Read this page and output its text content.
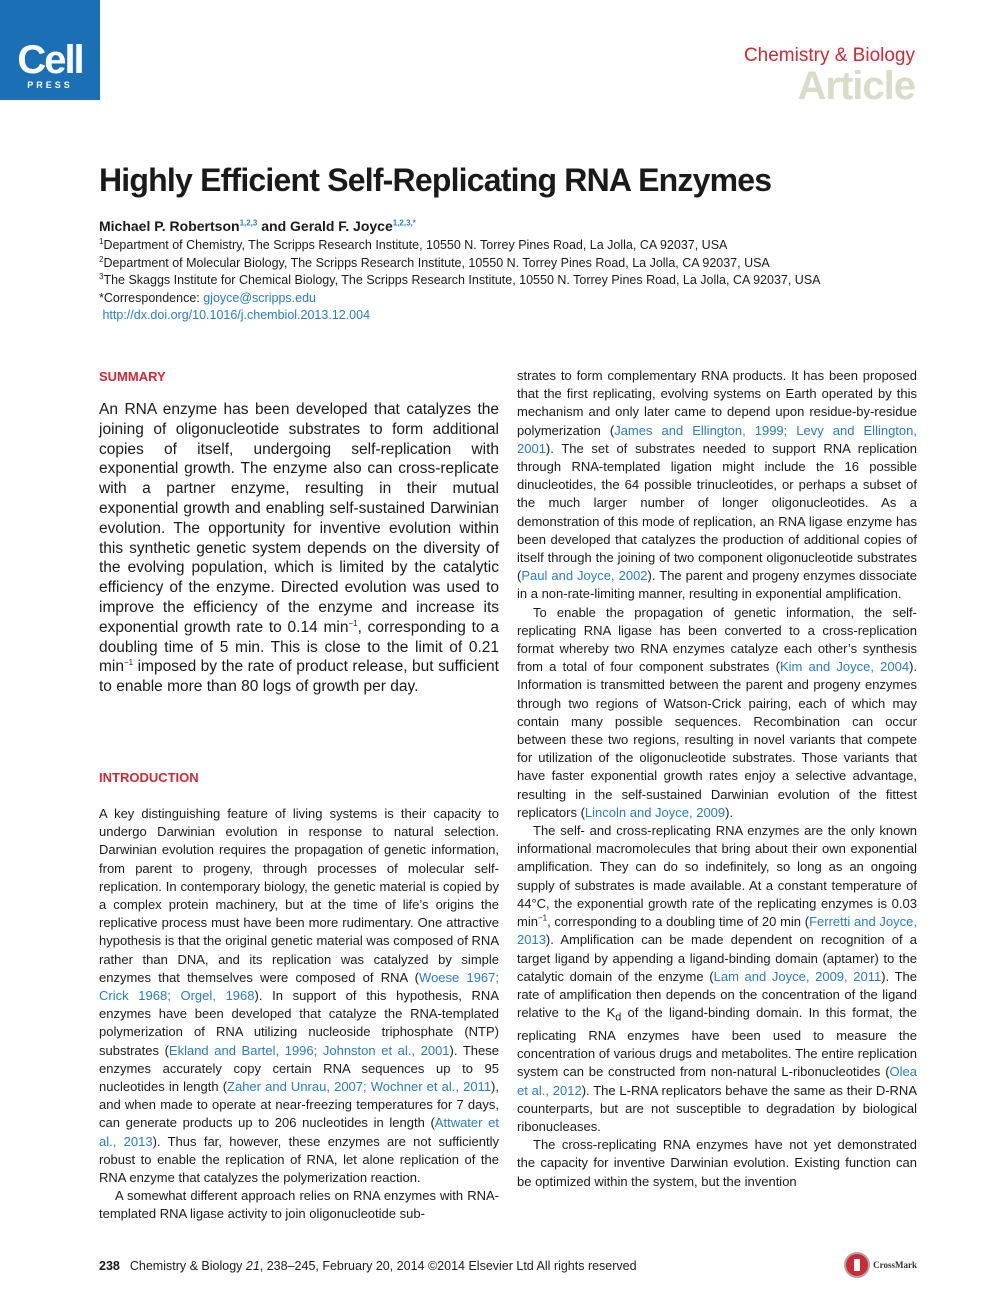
Cell
PRESS
Chemistry & Biology
Article
Highly Efficient Self-Replicating RNA Enzymes
Michael P. Robertson$^{1,2,3}$ and Gerald F. Joyce$^{1,2,3,*}$
$^1$Department of Chemistry, The Scripps Research Institute, 10550 N. Torrey Pines Road, La Jolla, CA 92037, USA
$^2$Department of Molecular Biology, The Scripps Research Institute, 10550 N. Torrey Pines Road, La Jolla, CA 92037, USA
$^3$The Skaggs Institute for Chemical Biology, The Scripps Research Institute, 10550 N. Torrey Pines Road, La Jolla, CA 92037, USA
*Correspondence: gjoyce@scripps.edu
http://dx.doi.org/10.1016/j.chembiol.2013.12.004
SUMMARY
An RNA enzyme has been developed that catalyzes the joining of oligonucleotide substrates to form additional copies of itself, undergoing self-replication with exponential growth. The enzyme also can cross-replicate with a partner enzyme, resulting in their mutual exponential growth and enabling self-sustained Darwinian evolution. The opportunity for inventive evolution within this synthetic genetic system depends on the diversity of the evolving population, which is limited by the catalytic efficiency of the enzyme. Directed evolution was used to improve the efficiency of the enzyme and increase its exponential growth rate to 0.14 $\min^{-1}$, corresponding to a doubling time of 5 min. This is close to the limit of 0.21 $\min^{-1}$ imposed by the rate of product release, but sufficient to enable more than 80 logs of growth per day.
INTRODUCTION

A key distinguishing feature of living systems is their capacity to undergo Darwinian evolution in response to natural selection. Darwinian evolution requires the propagation of genetic information, from parent to progeny, through processes of molecular self-replication. In contemporary biology, the genetic material is copied by a complex protein machinery, but at the time of life’s origins the replicative process must have been more rudimentary. One attractive hypothesis is that the original genetic material was composed of RNA rather than DNA, and its replication was catalyzed by simple enzymes that themselves were composed of RNA (Woese 1967; Crick 1968; Orgel, 1968). In support of this hypothesis, RNA enzymes have been developed that catalyze the RNA-templated polymerization of RNA utilizing nucleoside triphosphate (NTP) substrates (Ekland and Bartel, 1996; Johnston et al., 2001). These enzymes accurately copy certain RNA sequences up to 95 nucleotides in length (Zaher and Unrau, 2007; Wochner et al., 2011), and when made to operate at near-freezing temperatures for 7 days, can generate products up to 206 nucleotides in length (Attwater et al., 2013). Thus far, however, these enzymes are not sufficiently robust to enable the replication of RNA, let alone replication of the RNA enzyme that catalyzes the polymerization reaction.

A somewhat different approach relies on RNA enzymes with RNA-templated RNA ligase activity to join oligonucleotide sub-

strates to form complementary RNA products. It has been proposed that the first replicating, evolving systems on Earth operated by this mechanism and only later came to depend upon residue-by-residue polymerization (James and Ellington, 1999; Levy and Ellington, 2001). The set of substrates needed to support RNA replication through RNA-templated ligation might include the 16 possible dinucleotides, the 64 possible trinucleotides, or perhaps a subset of the much larger number of longer oligonucleotides. As a demonstration of this mode of replication, an RNA ligase enzyme has been developed that catalyzes the production of additional copies of itself through the joining of two component oligonucleotide substrates (Paul and Joyce, 2002). The parent and progeny enzymes dissociate in a non-rate-limiting manner, resulting in exponential amplification.

To enable the propagation of genetic information, the self-replicating RNA ligase has been converted to a cross-replication format whereby two RNA enzymes catalyze each other’s synthesis from a total of four component substrates (Kim and Joyce, 2004). Information is transmitted between the parent and progeny enzymes through two regions of Watson-Crick pairing, each of which may contain many possible sequences. Recombination can occur between these two regions, resulting in novel variants that compete for utilization of the oligonucleotide substrates. Those variants that have faster exponential growth rates enjoy a selective advantage, resulting in the self-sustained Darwinian evolution of the fittest replicators (Lincoln and Joyce, 2009).

The self- and cross-replicating RNA enzymes are the only known informational macromolecules that bring about their own exponential amplification. They can do so indefinitely, so long as an ongoing supply of substrates is made available. At a constant temperature of 44°C, the exponential growth rate of the replicating enzymes is 0.03 $\min^{-1}$, corresponding to a doubling time of 20 min (Ferretti and Joyce, 2013). Amplification can be made dependent on recognition of a target ligand by appending a ligand-binding domain (aptamer) to the catalytic domain of the enzyme (Lam and Joyce, 2009, 2011). The rate of amplification then depends on the concentration of the ligand relative to the $K_d$ of the ligand-binding domain. In this format, the replicating RNA enzymes have been used to measure the concentration of various drugs and metabolites. The entire replication system can be constructed from non-natural L-ribonucleotides (Olea et al., 2012). The L-RNA replicators behave the same as their D-RNA counterparts, but are not susceptible to degradation by biological ribonucleases.

The cross-replicating RNA enzymes have not yet demonstrated the capacity for inventive Darwinian evolution. Existing function can be optimized within the system, but the invention

238 Chemistry & Biology 21, 238–245, February 20, 2014 ©2014 Elsevier Ltd All rights reserved	CrossMark
